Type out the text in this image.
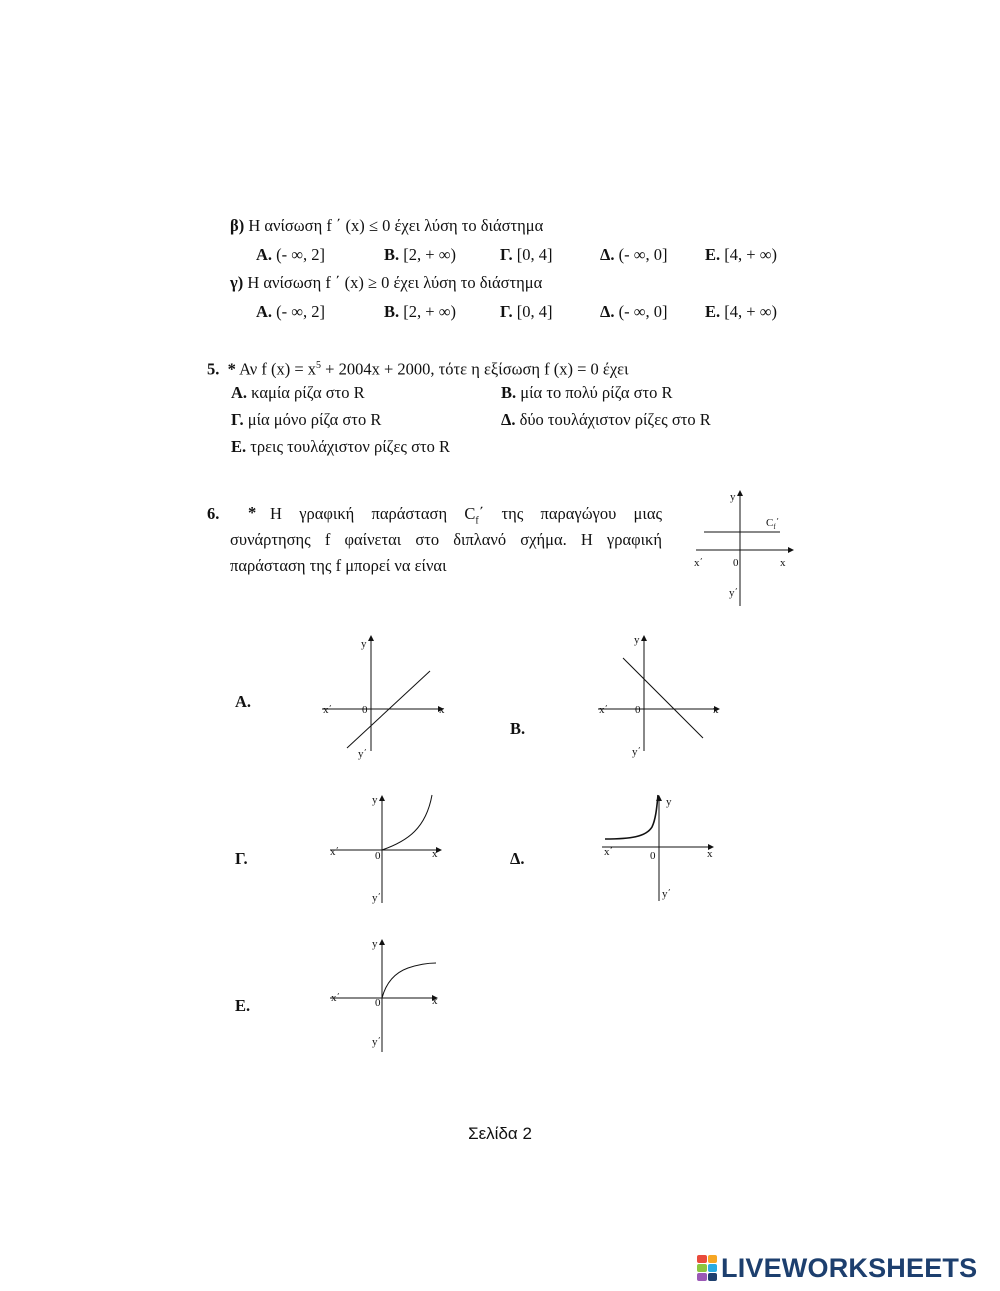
β) Η ανίσωση f ΄ (x) ≤ 0 έχει λύση το διάστημα
Α. (- ∞, 2]	Β. [2, + ∞)	Γ. [0, 4]	Δ. (- ∞, 0] Ε. [4, + ∞)
γ) Η ανίσωση f ΄ (x) ≥ 0 έχει λύση το διάστημα
Α. (- ∞, 2]	Β. [2, + ∞)	Γ. [0, 4]	Δ. (- ∞, 0] Ε. [4, + ∞)
5. * Αν f $(x) = x^5 + 2004x + 2000$, τότε η εξίσωση f (x) = 0 έχει
Α. καμία ρίζα στο R	Β. μία το πολύ ρίζα στο R
Γ. μία μόνο ρίζα στο R	Δ. δύο τουλάχιστον ρίζες στο R
Ε. τρεις τουλάχιστον ρίζες στο R
6. * Η γραφική παράσταση $C_f΄$ της παραγώγου μιας
συνάρτησης f φαίνεται στο διπλανό σχήμα. Η γραφική
παράσταση της f μπορεί να είναι
y
$C_f΄$
x΄	0	x
y΄
Α.
y
x΄	0	x
y΄
Β.
y
x΄ 0	x
y΄
Γ.
y
x΄	0	x
y΄
Δ.
y
x΄	0	x
y΄
Ε.
y
x΄	0	x
y΄
Σελίδα 2
LIVEWORKSHEETS
